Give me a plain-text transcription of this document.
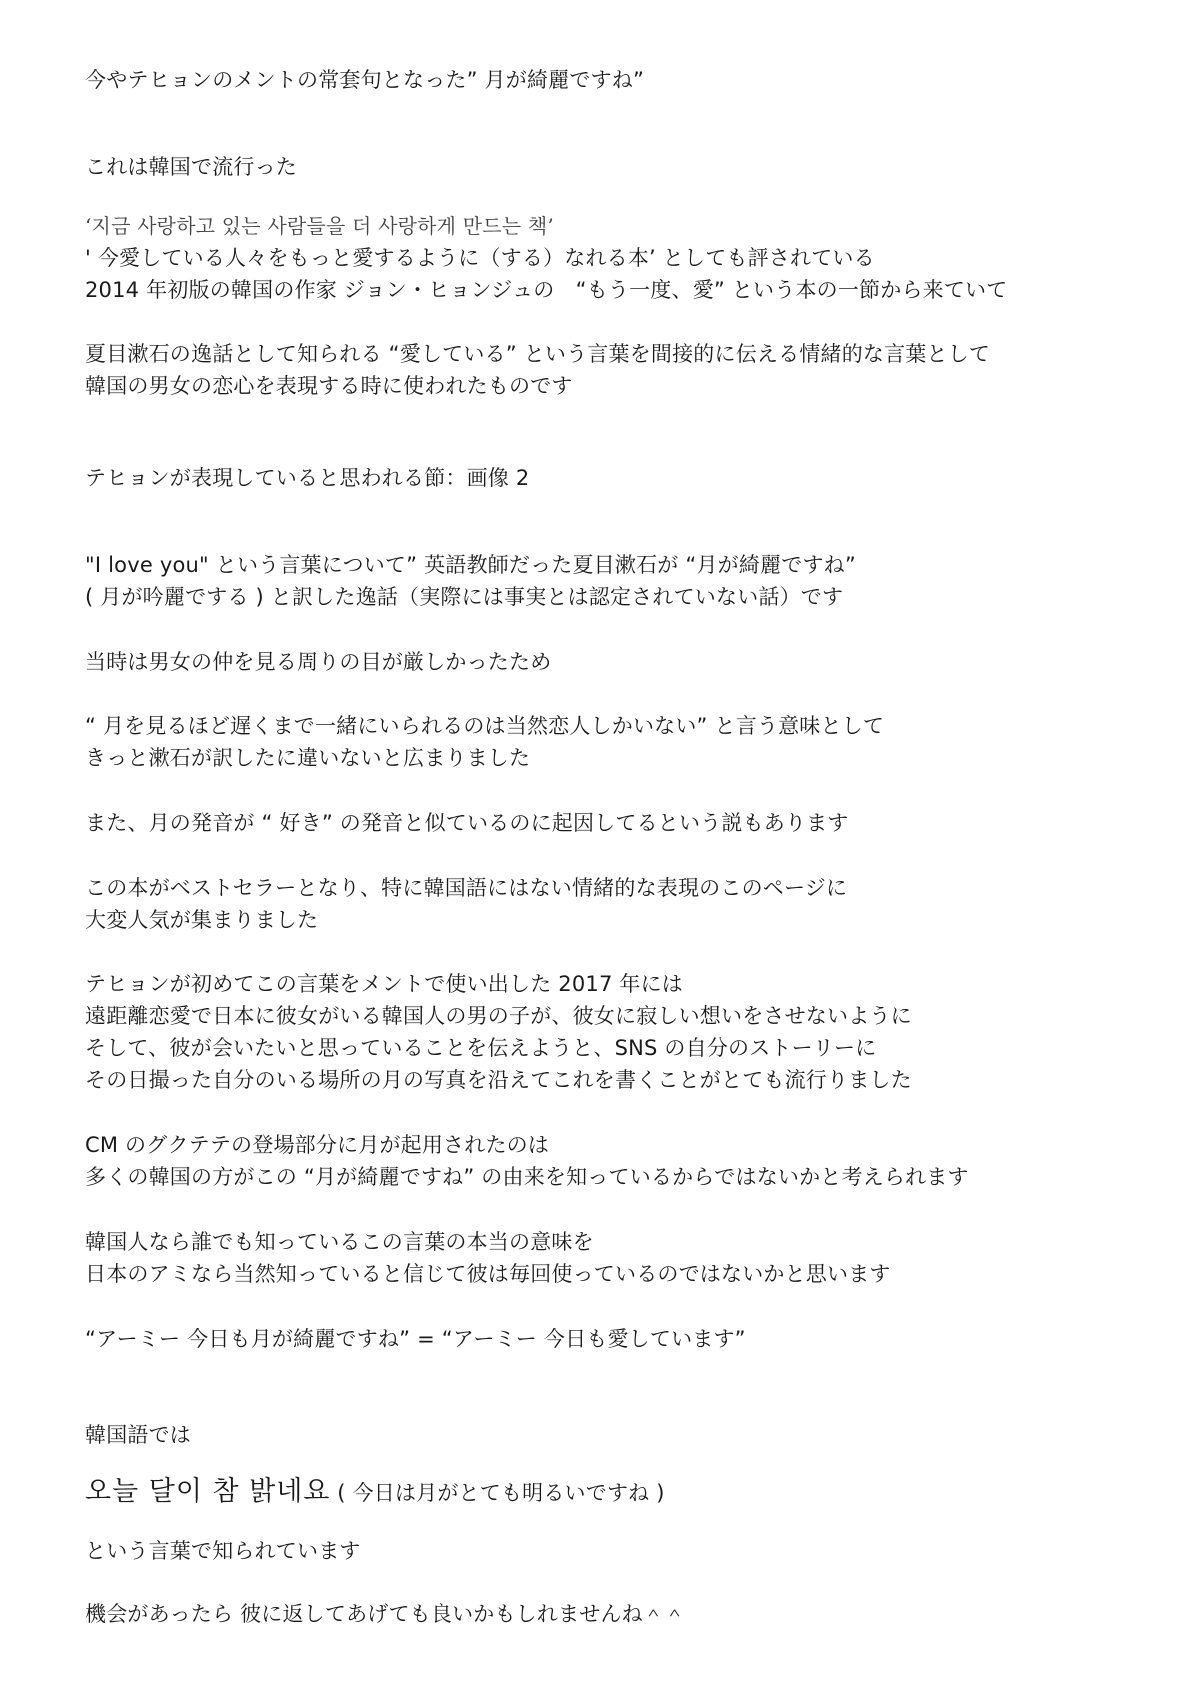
今やテヒョンのメントの常套句となった” 月が綺麗ですね”
これは韓国で流行った
‘지금 사랑하고 있는 사람들을 더 사랑하게 만드는 책’
' 今愛している人々をもっと愛するように（する）なれる本’ としても評されている
2014 年初版の韓国の作家 ジョン・ヒョンジュの　“もう一度、愛” という本の一節から来ていて
夏目漱石の逸話として知られる “愛している” という言葉を間接的に伝える情緒的な言葉として
韓国の男女の恋心を表現する時に使われたものです
テヒョンが表現していると思われる節：画像 2
"I love you" という言葉について” 英語教師だった夏目漱石が “月が綺麗ですね”
( 月が吟麗でする ) と訳した逸話（実際には事実とは認定されていない話）です
当時は男女の仲を見る周りの目が厳しかったため
“ 月を見るほど遅くまで一緒にいられるのは当然恋人しかいない” と言う意味として
きっと漱石が訳したに違いないと広まりました
また、月の発音が “ 好き” の発音と似ているのに起因してるという説もあります
この本がベストセラーとなり、特に韓国語にはない情緒的な表現のこのページに
大変人気が集まりました
テヒョンが初めてこの言葉をメントで使い出した 2017 年には
遠距離恋愛で日本に彼女がいる韓国人の男の子が、彼女に寂しい想いをさせないように
そして、彼が会いたいと思っていることを伝えようと、SNS の自分のストーリーに
その日撮った自分のいる場所の月の写真を沿えてこれを書くことがとても流行りました
CM のグクテテの登場部分に月が起用されたのは
多くの韓国の方がこの “月が綺麗ですね” の由来を知っているからではないかと考えられます
韓国人なら誰でも知っているこの言葉の本当の意味を
日本のアミなら当然知っていると信じて彼は毎回使っているのではないかと思います
“アーミー 今日も月が綺麗ですね” = “アーミー 今日も愛しています”
韓国語では
오늘 달이 참 밝네요 ( 今日は月がとても明るいですね )
という言葉で知られています
機会があったら 彼に返してあげても良いかもしれませんね＾＾
